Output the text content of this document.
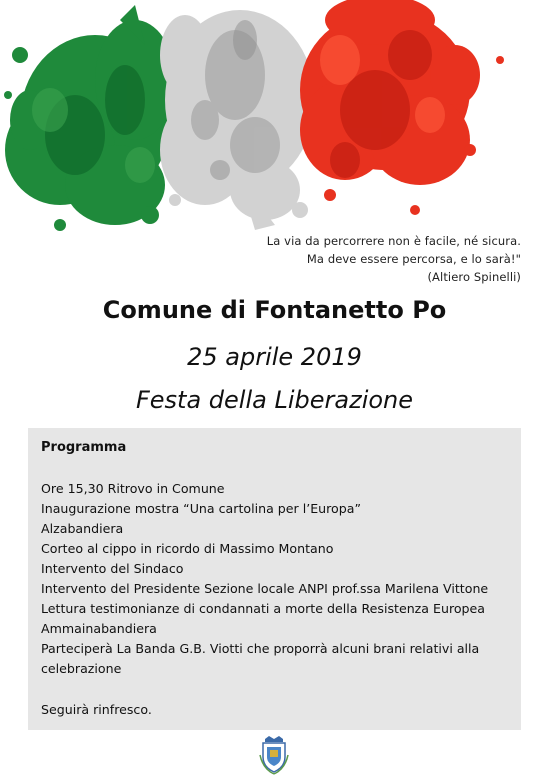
La via da percorrere non è facile, né sicura.
Ma deve essere percorsa, e lo sarà!"
(Altiero Spinelli)
Comune di Fontanetto Po
25 aprile 2019
Festa della Liberazione
Programma
Ore 15,30 Ritrovo in Comune
Inaugurazione mostra “Una cartolina per l’Europa”
Alzabandiera
Corteo al cippo in ricordo di Massimo Montano
Intervento del Sindaco
Intervento del Presidente Sezione locale ANPI prof.ssa Marilena Vittone
Lettura testimonianze di condannati a morte della Resistenza Europea
Ammainabandiera
Parteciperà La Banda G.B. Viotti che proporrà alcuni brani relativi alla celebrazione
Seguirà rinfresco.
